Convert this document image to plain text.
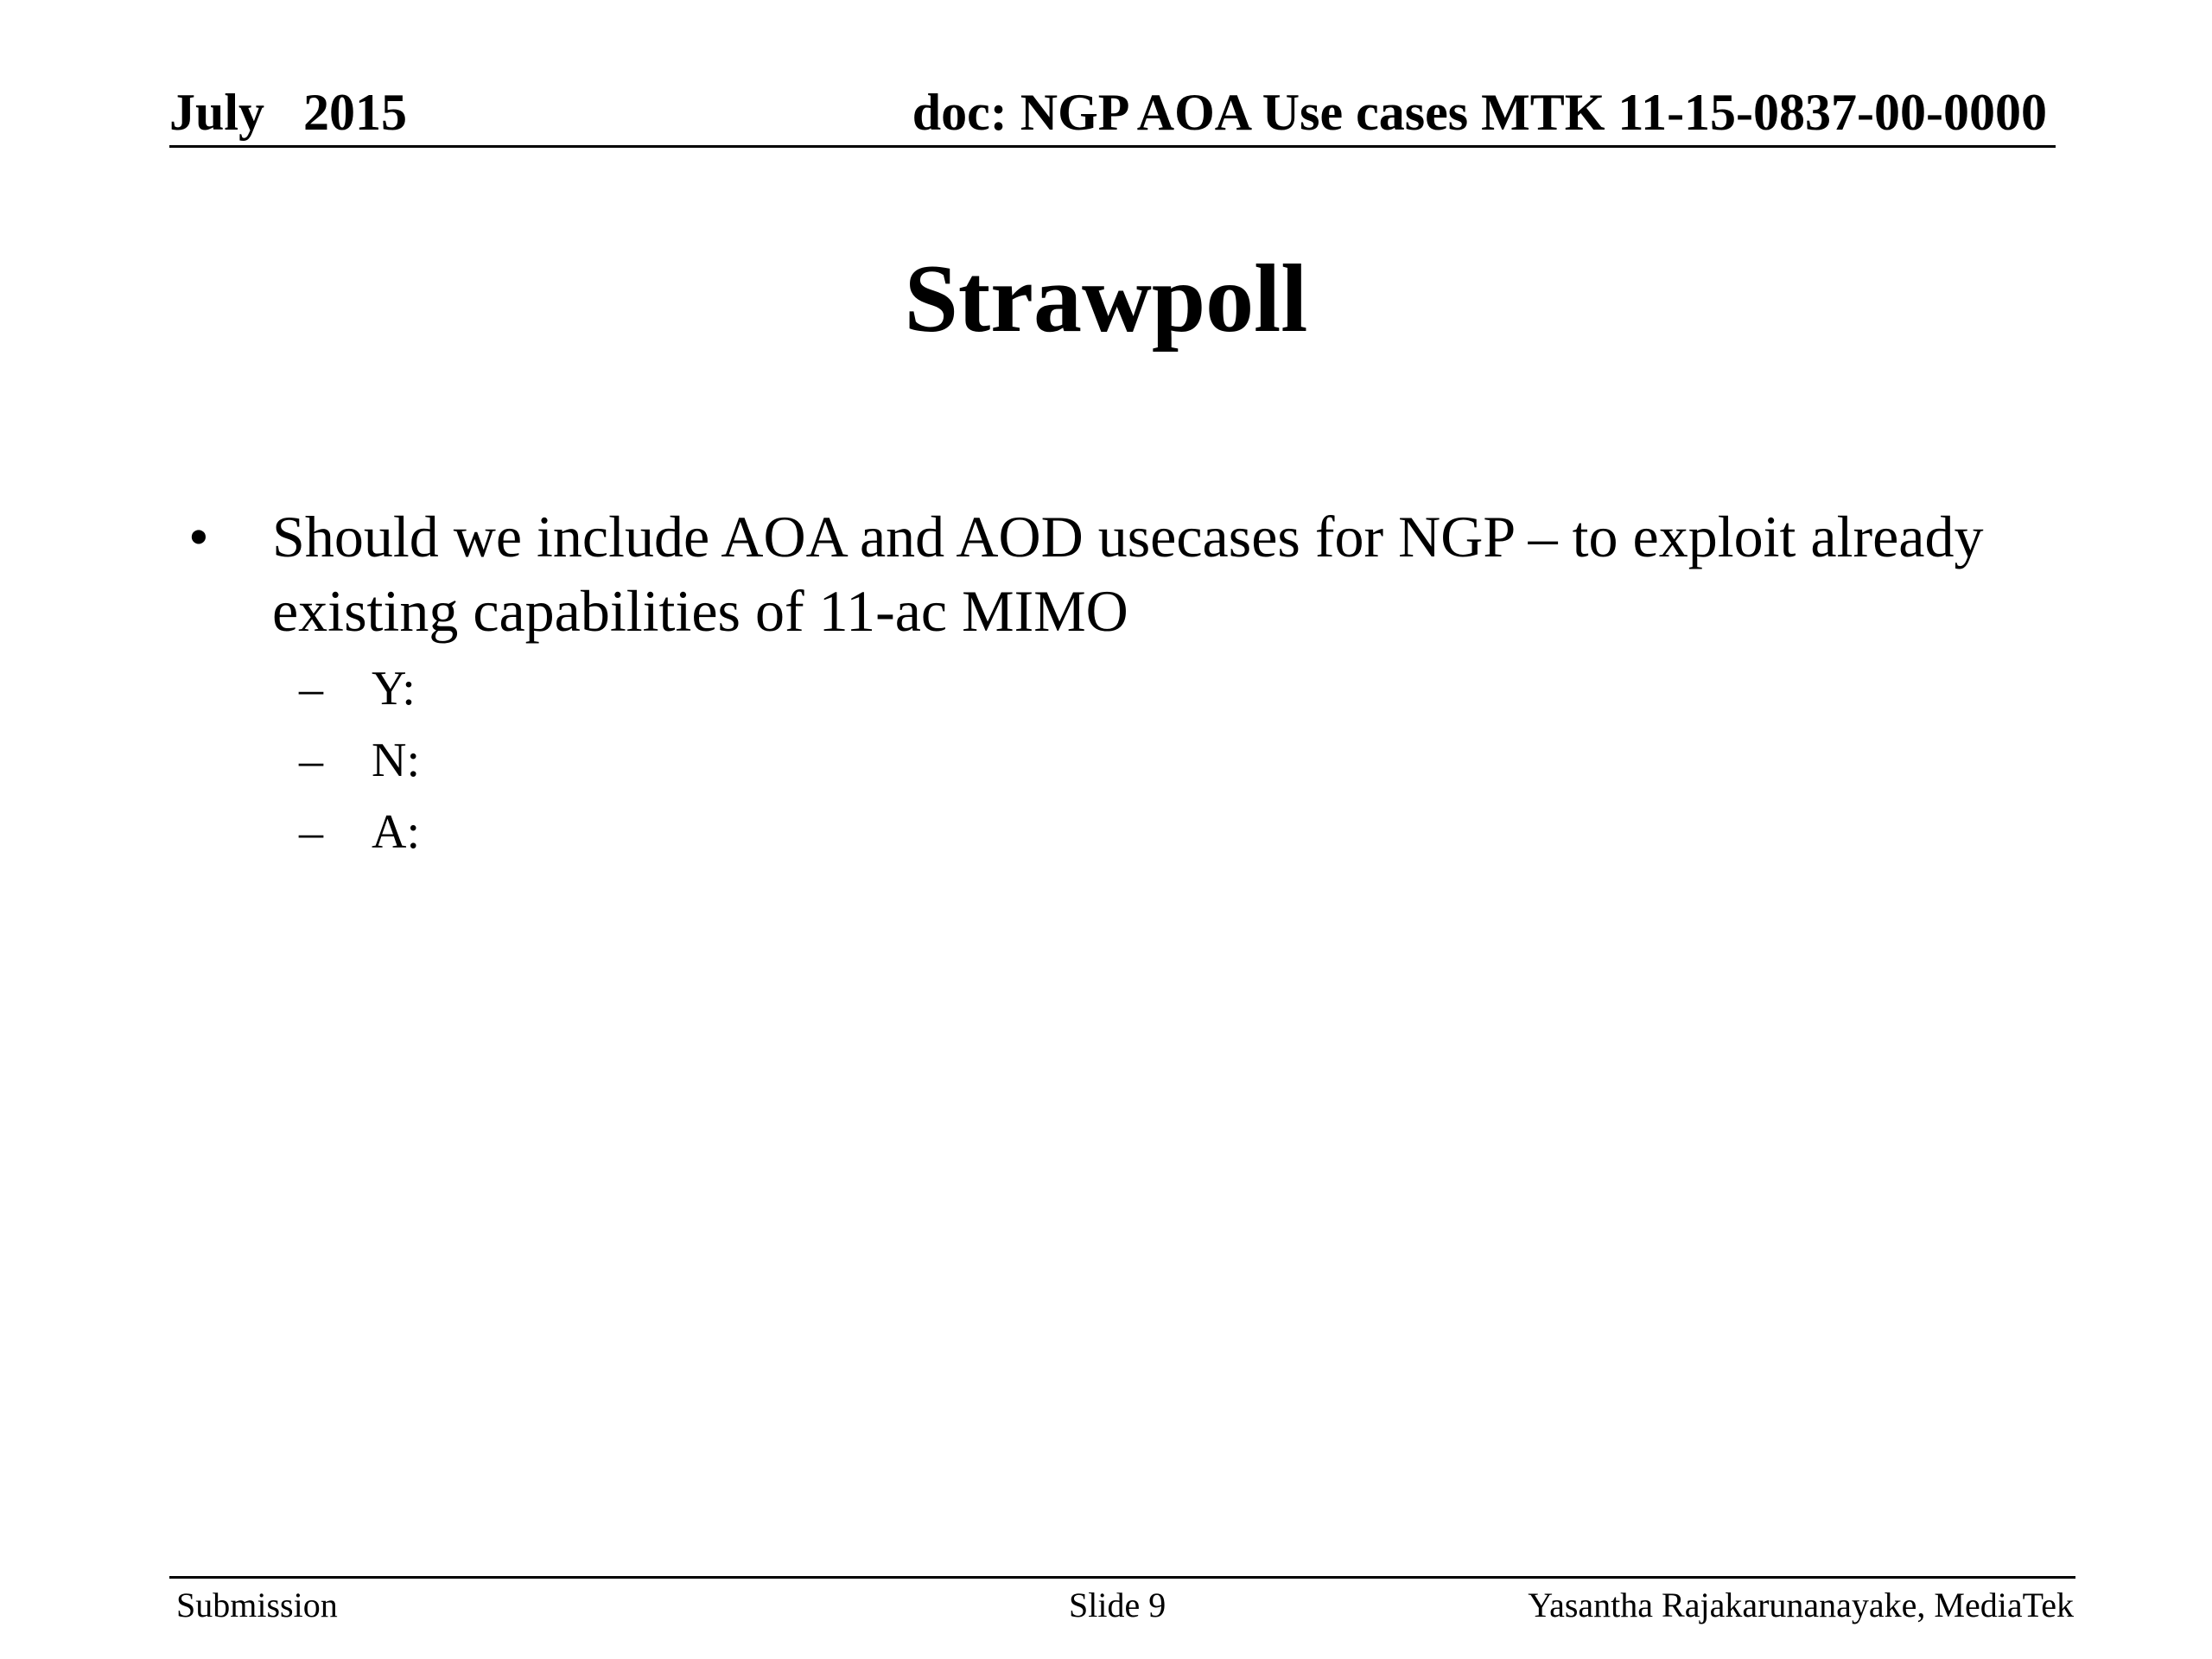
July   2015	doc: NGP AOA Use cases MTK 11-15-0837-00-0000
Strawpoll
• Should we include AOA and AOD usecases for NGP – to exploit already existing capabilities of 11-ac MIMO
– Y:
– N:
– A:
Submission	Slide 9	Yasantha Rajakarunanayake, MediaTek
